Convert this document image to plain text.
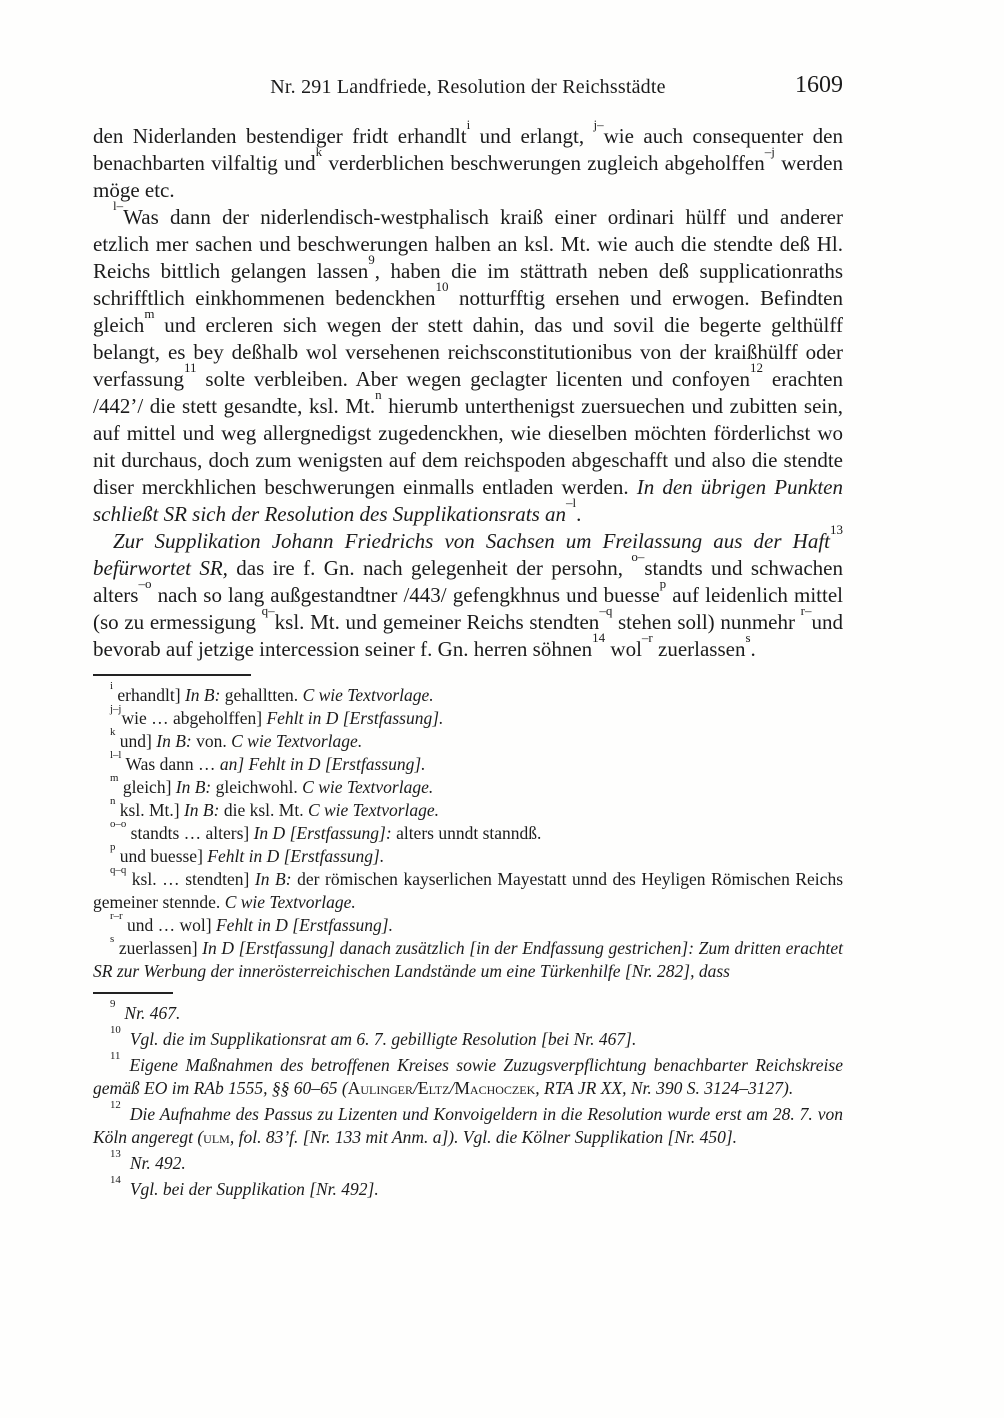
Nr. 291 Landfriede, Resolution der Reichsstädte	1609

den Niderlanden bestendiger fridt erhandlt$^i$ und erlangt, $^{j-}$wie auch consequenter den benachbarten vilfaltig und$^k$ verderblichen beschwerungen zugleich abgeholffen$^{-j}$ werden möge etc.

$^{l-}$Was dann der niderlendisch-westphalisch kraiß einer ordinari hülff und anderer etzlich mer sachen und beschwerungen halben an ksl. Mt. wie auch die stendte deß Hl. Reichs bittlich gelangen lassen$^9$, haben die im stättrath neben deß supplicationraths schrifftlich einkhommenen bedenckhen$^{10}$ notturfftig ersehen und erwogen. Befindten gleich$^m$ und ercleren sich wegen der stett dahin, das und sovil die begerte gelthülff belangt, es bey deßhalb wol versehenen reichsconstitutionibus von der kraißhülff oder verfassung$^{11}$ solte verbleiben. Aber wegen geclagter licenten und confoyen$^{12}$ erachten /442’/ die stett gesandte, ksl. Mt.$^n$ hierumb unterthenigst zuersuechen und zubitten sein, auf mittel und weg allergnedigst zugedenckhen, wie dieselben möchten förderlichst wo nit durchaus, doch zum wenigsten auf dem reichspoden abgeschafft und also die stendte diser merckhlichen beschwerungen einmalls entladen werden. In den übrigen Punkten schließt SR sich der Resolution des Supplikationsrats $an^{-l}$.

Zur Supplikation Johann Friedrichs von Sachsen um Freilassung aus der Haft$^{13}$ befürwortet SR, das ire f. Gn. nach gelegenheit der persohn, $^{o-}$standts und schwachen alters$^{-o}$ nach so lang außgestandtner /443/ gefengkhnus und buesse$^p$ auf leidenlich mittel (so zu ermessigung $^{q-}$ksl. Mt. und gemeiner Reichs stendten$^{-q}$ stehen soll) nunmehr $^{r-}$und bevorab auf jetzige intercession seiner f. Gn. herren söhnen$^{14}$ wol$^{-r}$ zuerlassen$^s$.

$^i$ erhandlt] In B: gehalltten. C wie Textvorlage.

$^{j-j}$wie … abgeholffen] Fehlt in D [Erstfassung].

$^k$ und] In B: von. C wie Textvorlage.

$^{l-l}$ Was dann … an] Fehlt in D [Erstfassung].

$^m$ gleich] In B: gleichwohl. C wie Textvorlage.

$^n$ ksl. Mt.] In B: die ksl. Mt. C wie Textvorlage.

$^{o-o}$ standts … alters] In D [Erstfassung]: alters unndt stanndß.

$^p$ und buesse] Fehlt in D [Erstfassung].

$^{q-q}$ ksl. … stendten] In B: der römischen kayserlichen Mayestatt unnd des Heyligen Römischen Reichs gemeiner stennde. C wie Textvorlage.

$^{r-r}$ und … wol] Fehlt in D [Erstfassung].

$^s$ zuerlassen] In D [Erstfassung] danach zusätzlich [in der Endfassung gestrichen]: Zum dritten erachtet SR zur Werbung der innerösterreichischen Landstände um eine Türkenhilfe [Nr. 282], dass

$^9$ Nr. 467.

$^{10}$ Vgl. die im Supplikationsrat am 6. 7. gebilligte Resolution [bei Nr. 467].

$^{11}$ Eigene Maßnahmen des betroffenen Kreises sowie Zuzugsverpflichtung benachbarter Reichskreise gemäß EO im RAb 1555, §§ 60–65 (Aulinger/Eltz/Machoczek, RTA JR XX, Nr. 390 S. 3124–3127).

$^{12}$ Die Aufnahme des Passus zu Lizenten und Konvoigeldern in die Resolution wurde erst am 28. 7. von Köln angeregt (ULM, fol. 83’f. [Nr. 133 mit Anm. a]). Vgl. die Kölner Supplikation [Nr. 450].

$^{13}$ Nr. 492.

$^{14}$ Vgl. bei der Supplikation [Nr. 492].
